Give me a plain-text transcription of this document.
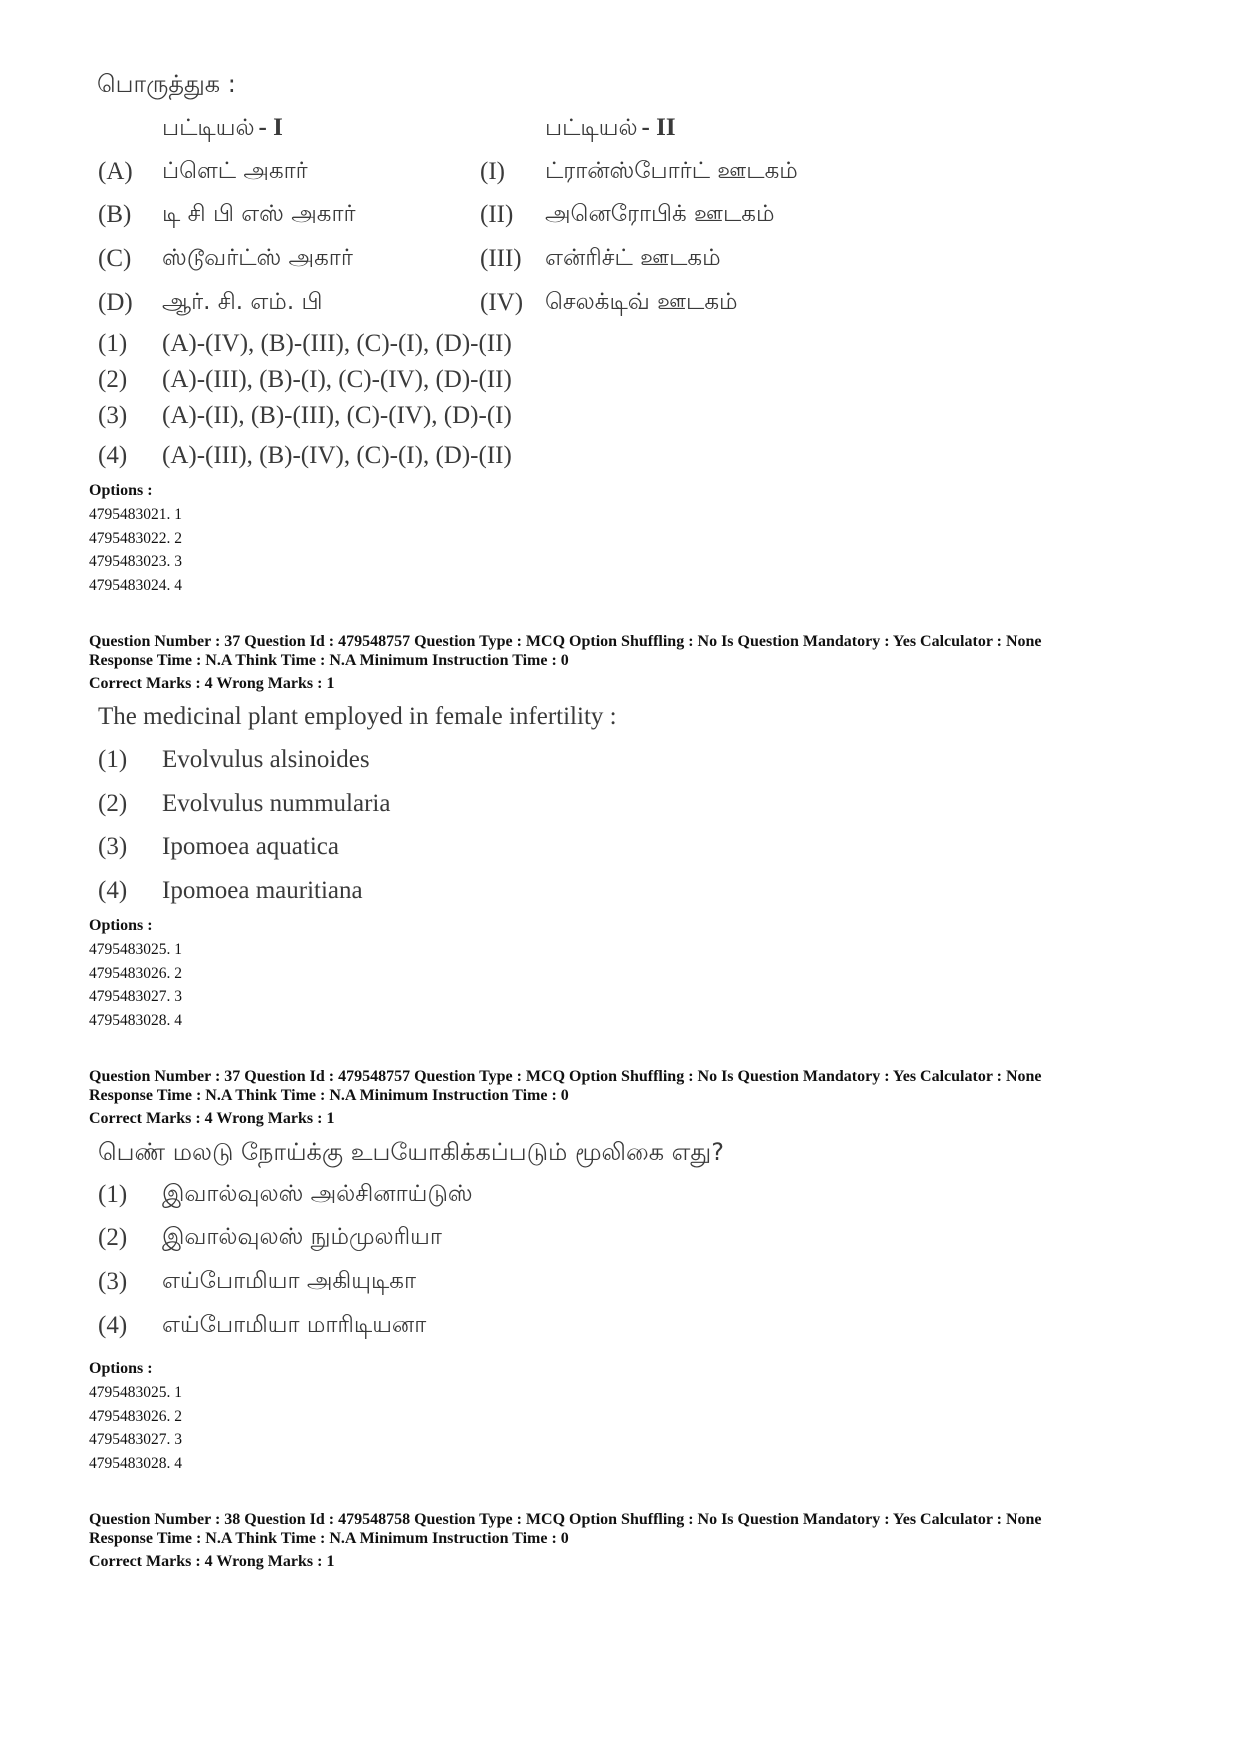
பொருத்துக :
பட்டியல் - I	பட்டியல் - II
(A) ப்ளெட் அகார்	(I) ட்ரான்ஸ்போர்ட் ஊடகம்
(B) டி சி பி எஸ் அகார்	(II) அனெரோபிக் ஊடகம்
(C) ஸ்டூவர்ட்ஸ் அகார்	(III) என்ரிச்ட் ஊடகம்
(D) ஆர். சி. எம். பி	(IV) செலக்டிவ் ஊடகம்
(1) (A)-(IV), (B)-(III), (C)-(I), (D)-(II)
(2) (A)-(III), (B)-(I), (C)-(IV), (D)-(II)
(3) (A)-(II), (B)-(III), (C)-(IV), (D)-(I)
(4) (A)-(III), (B)-(IV), (C)-(I), (D)-(II)
Options :
4795483021. 1
4795483022. 2
4795483023. 3
4795483024. 4
Question Number : 37 Question Id : 479548757 Question Type : MCQ Option Shuffling : No Is Question Mandatory : Yes Calculator : None
Response Time : N.A Think Time : N.A Minimum Instruction Time : 0
Correct Marks : 4 Wrong Marks : 1
The medicinal plant employed in female infertility :
(1) Evolvulus alsinoides
(2) Evolvulus nummularia
(3) Ipomoea aquatica
(4) Ipomoea mauritiana
Options :
4795483025. 1
4795483026. 2
4795483027. 3
4795483028. 4
Question Number : 37 Question Id : 479548757 Question Type : MCQ Option Shuffling : No Is Question Mandatory : Yes Calculator : None
Response Time : N.A Think Time : N.A Minimum Instruction Time : 0
Correct Marks : 4 Wrong Marks : 1
பெண் மலடு நோய்க்கு உபயோகிக்கப்படும் மூலிகை எது?
(1) இவால்வுலஸ் அல்சினாய்டுஸ்
(2) இவால்வுலஸ் நும்முலரியா
(3) எய்போமியா அகியுடிகா
(4) எய்போமியா மாரிடியனா
Options :
4795483025. 1
4795483026. 2
4795483027. 3
4795483028. 4
Question Number : 38 Question Id : 479548758 Question Type : MCQ Option Shuffling : No Is Question Mandatory : Yes Calculator : None
Response Time : N.A Think Time : N.A Minimum Instruction Time : 0
Correct Marks : 4 Wrong Marks : 1
